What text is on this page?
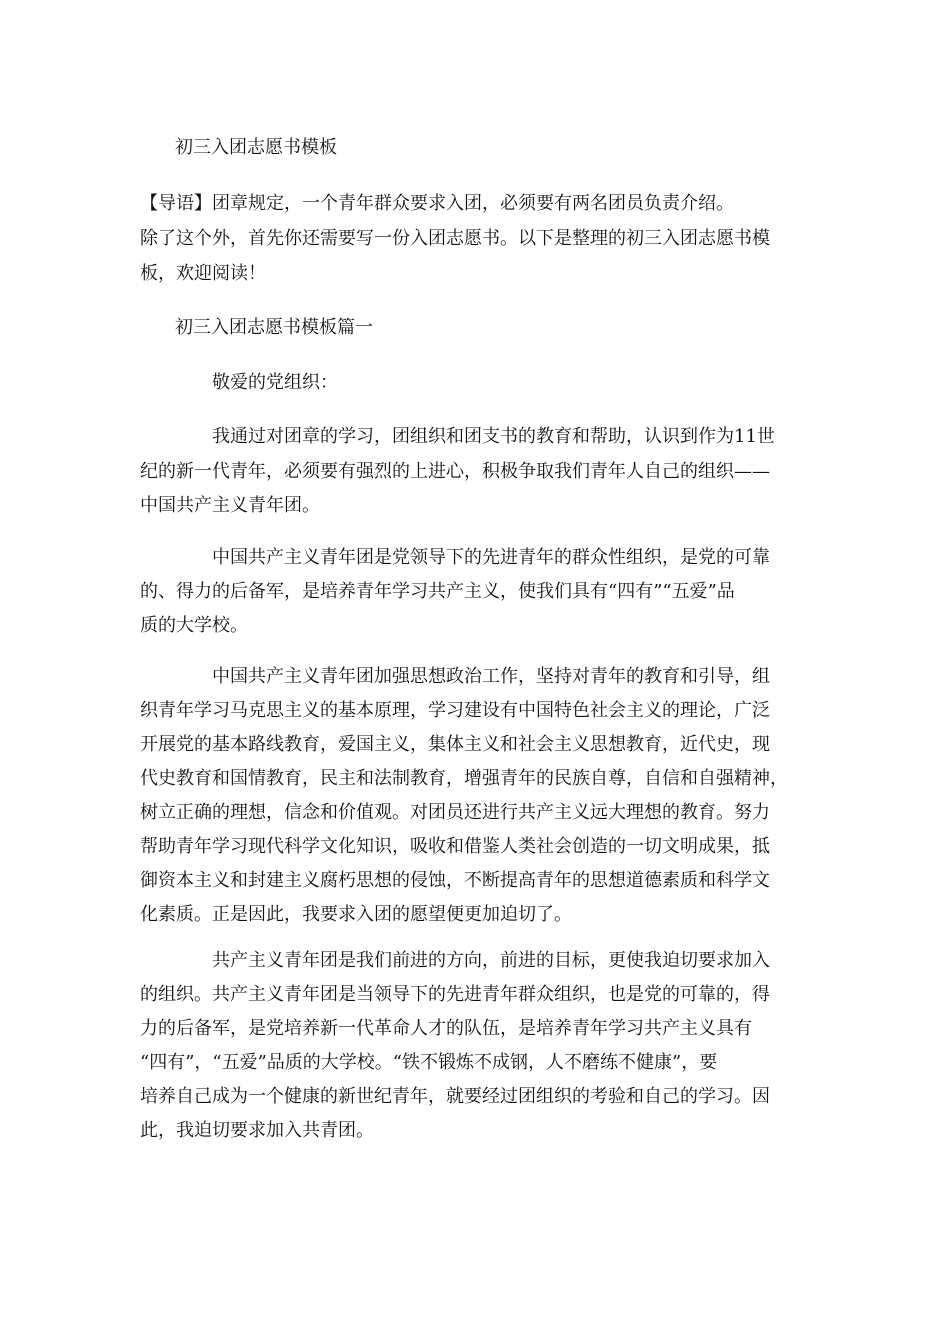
初三入团志愿书模板
【导语】团章规定，一个青年群众要求入团，必须要有两名团员负责介绍。
除了这个外，首先你还需要写一份入团志愿书。以下是整理的初三入团志愿书模
板，欢迎阅读！
初三入团志愿书模板篇一
敬爱的党组织：
我通过对团章的学习，团组织和团支书的教育和帮助，认识到作为11世
纪的新一代青年，必须要有强烈的上进心，积极争取我们青年人自己的组织——
中国共产主义青年团。
中国共产主义青年团是党领导下的先进青年的群众性组织，是党的可靠
的、得力的后备军，是培养青年学习共产主义，使我们具有“四有”“五爱”品
质的大学校。
中国共产主义青年团加强思想政治工作，坚持对青年的教育和引导，组
织青年学习马克思主义的基本原理，学习建设有中国特色社会主义的理论，广泛
开展党的基本路线教育，爱国主义，集体主义和社会主义思想教育，近代史，现
代史教育和国情教育，民主和法制教育，增强青年的民族自尊，自信和自强精神，
树立正确的理想，信念和价值观。对团员还进行共产主义远大理想的教育。努力
帮助青年学习现代科学文化知识，吸收和借鉴人类社会创造的一切文明成果，抵
御资本主义和封建主义腐朽思想的侵蚀，不断提高青年的思想道德素质和科学文
化素质。正是因此，我要求入团的愿望便更加迫切了。
共产主义青年团是我们前进的方向，前进的目标，更使我迫切要求加入
的组织。共产主义青年团是当领导下的先进青年群众组织，也是党的可靠的，得
力的后备军，是党培养新一代革命人才的队伍，是培养青年学习共产主义具有
“四有”，“五爱”品质的大学校。“铁不锻炼不成钢，人不磨练不健康”，要
培养自己成为一个健康的新世纪青年，就要经过团组织的考验和自己的学习。因
此，我迫切要求加入共青团。
